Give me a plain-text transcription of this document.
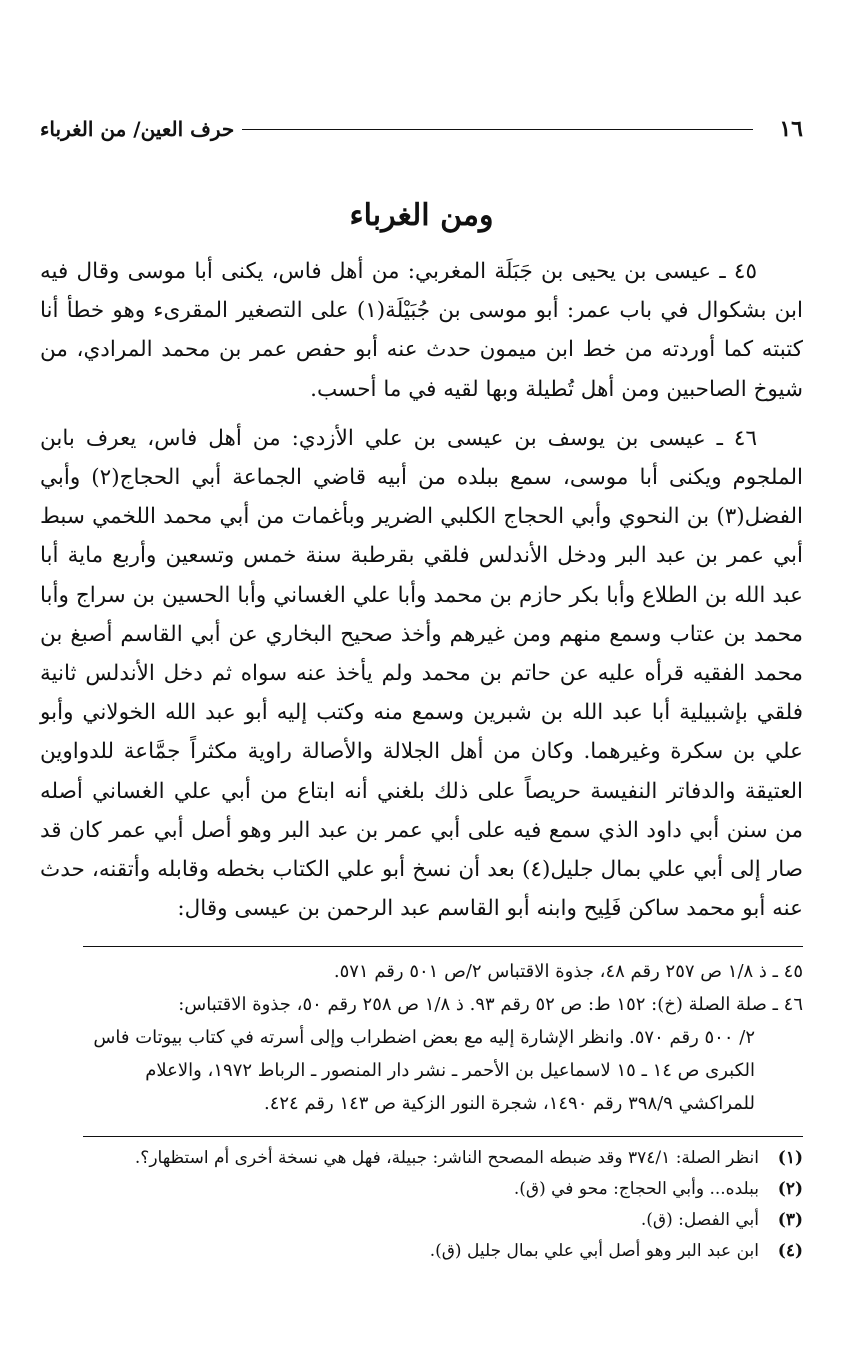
١٦
حرف العين/ من الغرباء
ومن الغرباء

٤٥ ـ عيسى بن يحيى بن جَبَلَة المغربي: من أهل فاس، يكنى أبا موسى وقال فيه ابن بشكوال في باب عمر: أبو موسى بن جُبَيْلَة(١) على التصغير المقرىء وهو خطأ أنا كتبته كما أوردته من خط ابن ميمون حدث عنه أبو حفص عمر بن محمد المرادي، من شيوخ الصاحبين ومن أهل تُطيلة وبها لقيه في ما أحسب.

٤٦ ـ عيسى بن يوسف بن عيسى بن علي الأزدي: من أهل فاس، يعرف بابن الملجوم ويكنى أبا موسى، سمع ببلده من أبيه قاضي الجماعة أبي الحجاج(٢) وأبي الفضل(٣) بن النحوي وأبي الحجاج الكلبي الضرير وبأغمات من أبي محمد اللخمي سبط أبي عمر بن عبد البر ودخل الأندلس فلقي بقرطبة سنة خمس وتسعين وأربع ماية أبا عبد الله بن الطلاع وأبا بكر حازم بن محمد وأبا علي الغساني وأبا الحسين بن سراج وأبا محمد بن عتاب وسمع منهم ومن غيرهم وأخذ صحيح البخاري عن أبي القاسم أصبغ بن محمد الفقيه قرأه عليه عن حاتم بن محمد ولم يأخذ عنه سواه ثم دخل الأندلس ثانية فلقي بإشبيلية أبا عبد الله بن شبرين وسمع منه وكتب إليه أبو عبد الله الخولاني وأبو علي بن سكرة وغيرهما. وكان من أهل الجلالة والأصالة راوية مكثراً جمَّاعة للدواوين العتيقة والدفاتر النفيسة حريصاً على ذلك بلغني أنه ابتاع من أبي علي الغساني أصله من سنن أبي داود الذي سمع فيه على أبي عمر بن عبد البر وهو أصل أبي عمر كان قد صار إلى أبي علي بمال جليل(٤) بعد أن نسخ أبو علي الكتاب بخطه وقابله وأتقنه، حدث عنه أبو محمد ساكن فَلِيح وابنه أبو القاسم عبد الرحمن بن عيسى وقال:

٤٥ ـ ذ ١/٨ ص ٢٥٧ رقم ٤٨، جذوة الاقتباس ٢/ص ٥٠١ رقم ٥٧١.

٤٦ ـ صلة الصلة (خ): ١٥٢ ط: ص ٥٢ رقم ٩٣. ذ ١/٨ ص ٢٥٨ رقم ٥٠، جذوة الاقتباس:

٢/ ٥٠٠ رقم ٥٧٠. وانظر الإشارة إليه مع بعض اضطراب وإلى أسرته في كتاب بيوتات فاس

الكبرى ص ١٤ ـ ١٥ لاسماعيل بن الأحمر ـ نشر دار المنصور ـ الرباط ١٩٧٢، والاعلام

للمراكشي ٣٩٨/٩ رقم ١٤٩٠، شجرة النور الزكية ص ١٤٣ رقم ٤٢٤.

(١)
انظر الصلة: ٣٧٤/١ وقد ضبطه المصحح الناشر: جبيلة، فهل هي نسخة أخرى أم استظهار؟.
(٢)
ببلده... وأبي الحجاج: محو في (ق).
(٣)
أبي الفصل: (ق).
(٤)
ابن عبد البر وهو أصل أبي علي بمال جليل (ق).
